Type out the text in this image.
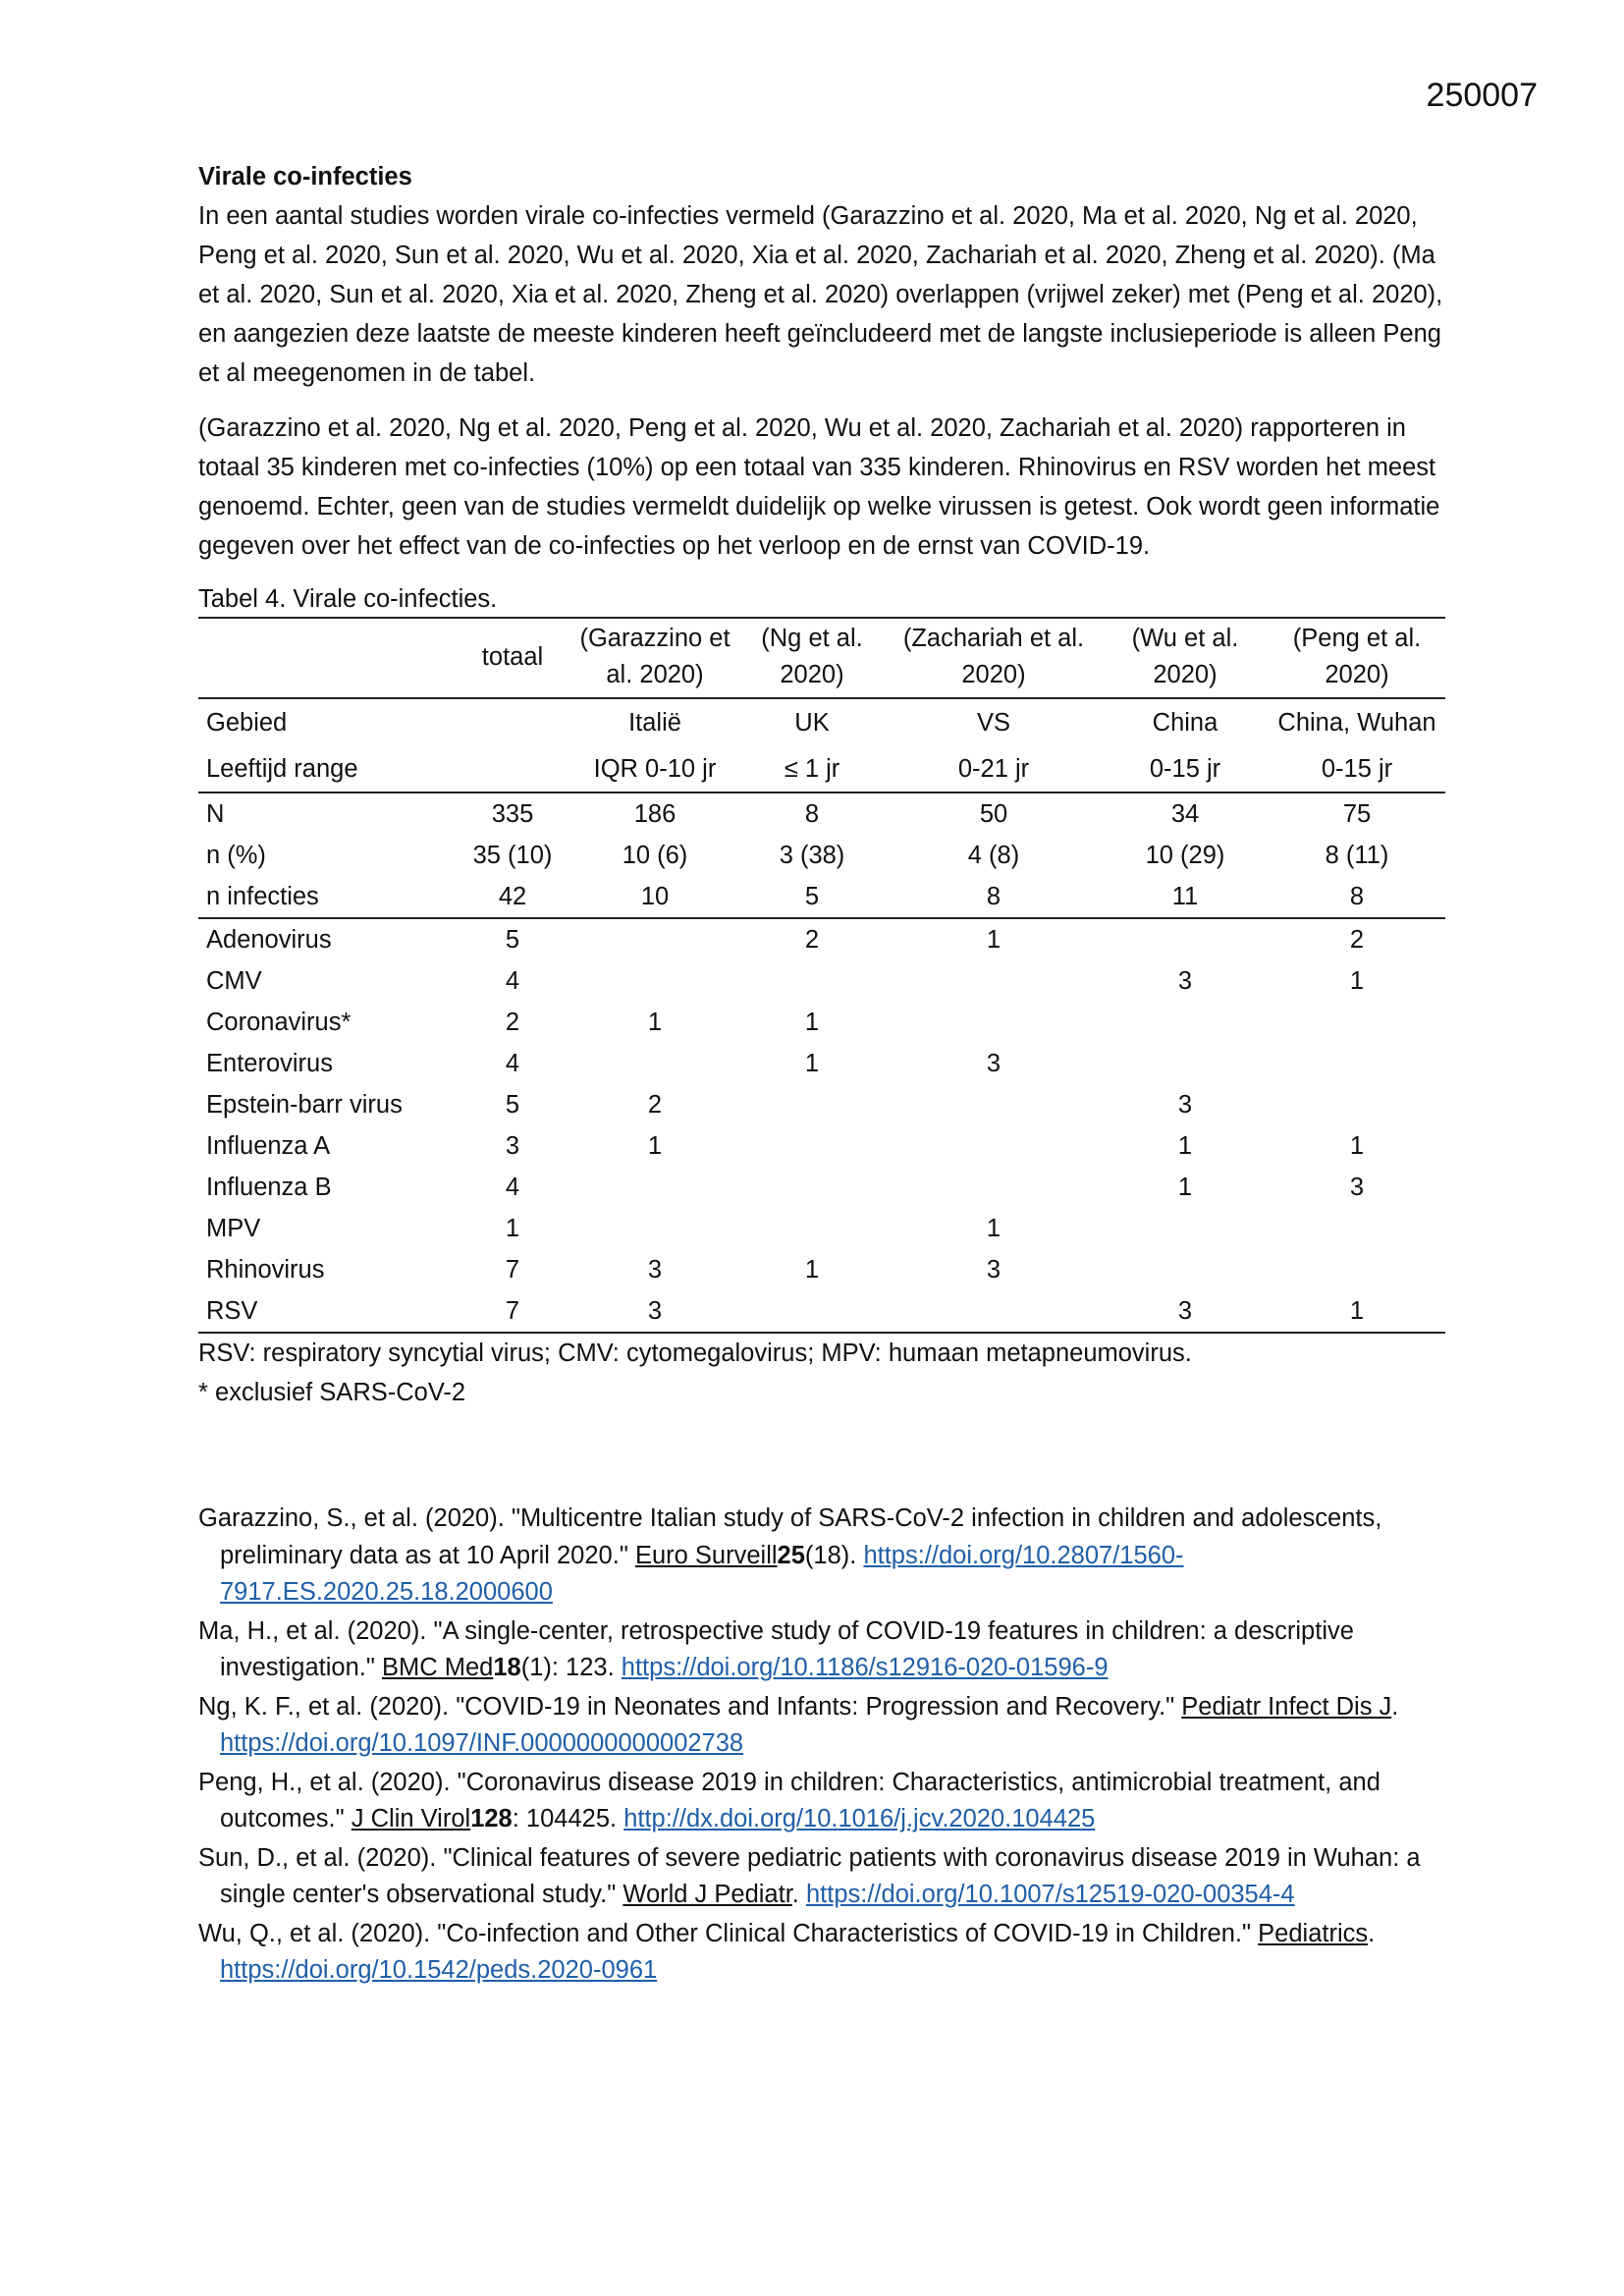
250007

Virale co-infecties

In een aantal studies worden virale co-infecties vermeld (Garazzino et al. 2020, Ma et al. 2020, Ng et al. 2020, Peng et al. 2020, Sun et al. 2020, Wu et al. 2020, Xia et al. 2020, Zachariah et al. 2020, Zheng et al. 2020). (Ma et al. 2020, Sun et al. 2020, Xia et al. 2020, Zheng et al. 2020) overlappen (vrijwel zeker) met (Peng et al. 2020), en aangezien deze laatste de meeste kinderen heeft geïncludeerd met de langste inclusieperiode is alleen Peng et al meegenomen in de tabel.

(Garazzino et al. 2020, Ng et al. 2020, Peng et al. 2020, Wu et al. 2020, Zachariah et al. 2020) rapporteren in totaal 35 kinderen met co-infecties (10%) op een totaal van 335 kinderen. Rhinovirus en RSV worden het meest genoemd. Echter, geen van de studies vermeldt duidelijk op welke virussen is getest. Ook wordt geen informatie gegeven over het effect van de co-infecties op het verloop en de ernst van COVID-19.

Tabel 4. Virale co-infecties.

	totaal	(Garazzino et al. 2020)	(Ng et al. 2020)	(Zachariah et al. 2020)	(Wu et al. 2020)	(Peng et al. 2020)
Gebied		Italië	UK	VS	China	China, Wuhan
Leeftijd range		IQR 0-10 jr	≤ 1 jr	0-21 jr	0-15 jr	0-15 jr
N	335	186	8	50	34	75
n (%)	35 (10)	10 (6)	3 (38)	4 (8)	10 (29)	8 (11)
n infecties	42	10	5	8	11	8
Adenovirus	5		2	1		2
CMV	4				3	1
Coronavirus*	2	1	1			
Enterovirus	4		1	3		
Epstein-barr virus	5	2			3	
Influenza A	3	1			1	1
Influenza B	4				1	3
MPV	1			1		
Rhinovirus	7	3	1	3		
RSV	7	3			3	1

RSV: respiratory syncytial virus; CMV: cytomegalovirus; MPV: humaan metapneumovirus.

* exclusief SARS-CoV-2

Garazzino, S., et al. (2020). "Multicentre Italian study of SARS-CoV-2 infection in children and adolescents, preliminary data as at 10 April 2020." Euro Surveill25(18). https://doi.org/10.2807/1560-7917.ES.2020.25.18.2000600

Ma, H., et al. (2020). "A single-center, retrospective study of COVID-19 features in children: a descriptive investigation." BMC Med18(1): 123. https://doi.org/10.1186/s12916-020-01596-9

Ng, K. F., et al. (2020). "COVID-19 in Neonates and Infants: Progression and Recovery." Pediatr Infect Dis J. https://doi.org/10.1097/INF.0000000000002738

Peng, H., et al. (2020). "Coronavirus disease 2019 in children: Characteristics, antimicrobial treatment, and outcomes." J Clin Virol128: 104425. http://dx.doi.org/10.1016/j.jcv.2020.104425

Sun, D., et al. (2020). "Clinical features of severe pediatric patients with coronavirus disease 2019 in Wuhan: a single center's observational study." World J Pediatr. https://doi.org/10.1007/s12519-020-00354-4

Wu, Q., et al. (2020). "Co-infection and Other Clinical Characteristics of COVID-19 in Children." Pediatrics. https://doi.org/10.1542/peds.2020-0961
